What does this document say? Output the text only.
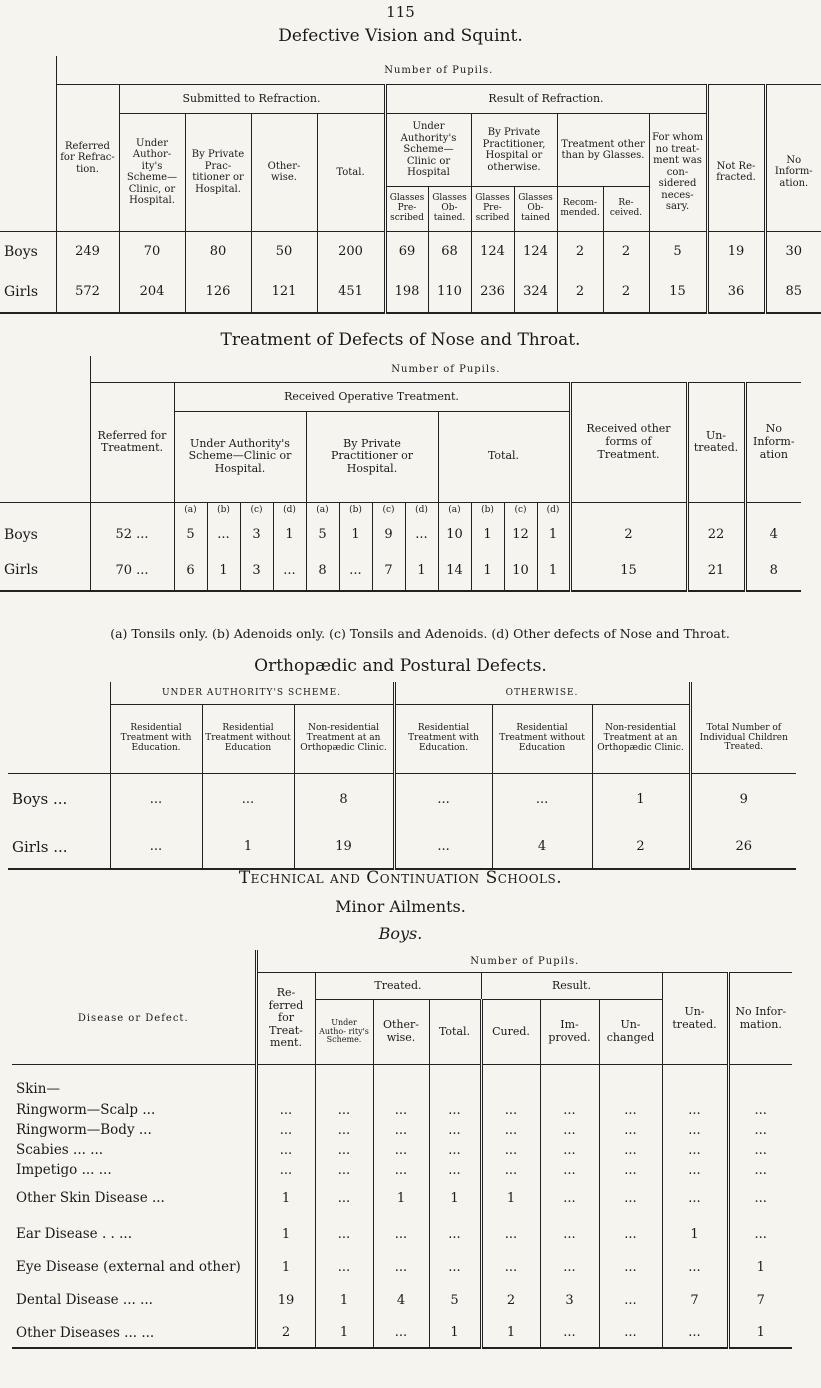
115
Defective Vision and Squint.
	Number of Pupils.													
	Referred for Refrac- tion.	Submitted to Refraction.				Result of Refraction.								
		Under Author- ity's Scheme— Clinic, or Hospital.	By Private Prac- titioner or Hospital.	Other- wise.	Total.	Under Authority's Scheme— Clinic or Hospital		By Private Practitioner, Hospital or otherwise.		Treatment other than by Glasses.		For whom no treat- ment was con- sidered neces- sary.	Not Re- fracted.	No Inform- ation.
						Glasses Pre- scribed	Glasses Ob- tained.	Glasses Pre- scribed	Glasses Ob- tained	Recom- mended.	Re- ceived.			
Boys	249	70	80	50	200	69	68	124	124	2	2	5	19	30
Girls	572	204	126	121	451	198	110	236	324	2	2	15	36	85
Treatment of Defects of Nose and Throat.
	Number of Pupils.															
	Referred for Treatment.	Received Operative Treatment.												Received other forms of Treatment.	Un- treated.	No Inform- ation
		Under Authority's Scheme—Clinic or Hospital.				By Private Practitioner or Hospital.				Total.						
		(a)	(b)	(c)	(d)	(a)	(b)	(c)	(d)	(a)	(b)	(c)	(d)			
Boys	52 ...	5	...	3	1	5	1	9	...	10	1	12	1	2	22	4
Girls	70 ...	6	1	3	...	8	...	7	1	14	1	10	1	15	21	8
(a) Tonsils only. (b) Adenoids only. (c) Tonsils and Adenoids. (d) Other defects of Nose and Throat.
Orthopædic and Postural Defects.
	UNDER AUTHORITY'S SCHEME.			OTHERWISE.			
	Residential Treatment with Education.	Residential Treatment without Education	Non-residential Treatment at an Orthopædic Clinic.	Residential Treatment with Education.	Residential Treatment without Education	Non-residential Treatment at an Orthopædic Clinic.	Total Number of Individual Children Treated.
Boys ...	...	...	8	...	...	1	9
Girls ...	...	1	19	...	4	2	26
Technical and Continuation Schools.
Minor Ailments.
Boys.
	Number of Pupils.								
Disease or Defect.	Re- ferred for Treat- ment.	Treated.			Result.			Un- treated.	No Infor- mation.
		Under Autho- rity's Scheme.	Other- wise.	Total.	Cured.	Im- proved.	Un- changed		

Skin—									
Ringworm—Scalp ...	...	...	...	...	...	...	...	...	...
Ringworm—Body ...	...	...	...	...	...	...	...	...	...
Scabies ... ...	...	...	...	...	...	...	...	...	...
Impetigo ... ...	...	...	...	...	...	...	...	...	...
Other Skin Disease ...	1	...	1	1	1	...	...	...	...
Ear Disease . . ...	1	...	...	...	...	...	...	1	...
Eye Disease (external and other)	1	...	...	...	...	...	...	...	1
Dental Disease ... ...	19	1	4	5	2	3	...	7	7
Other Diseases ... ...	2	1	...	1	1	...	...	...	1
